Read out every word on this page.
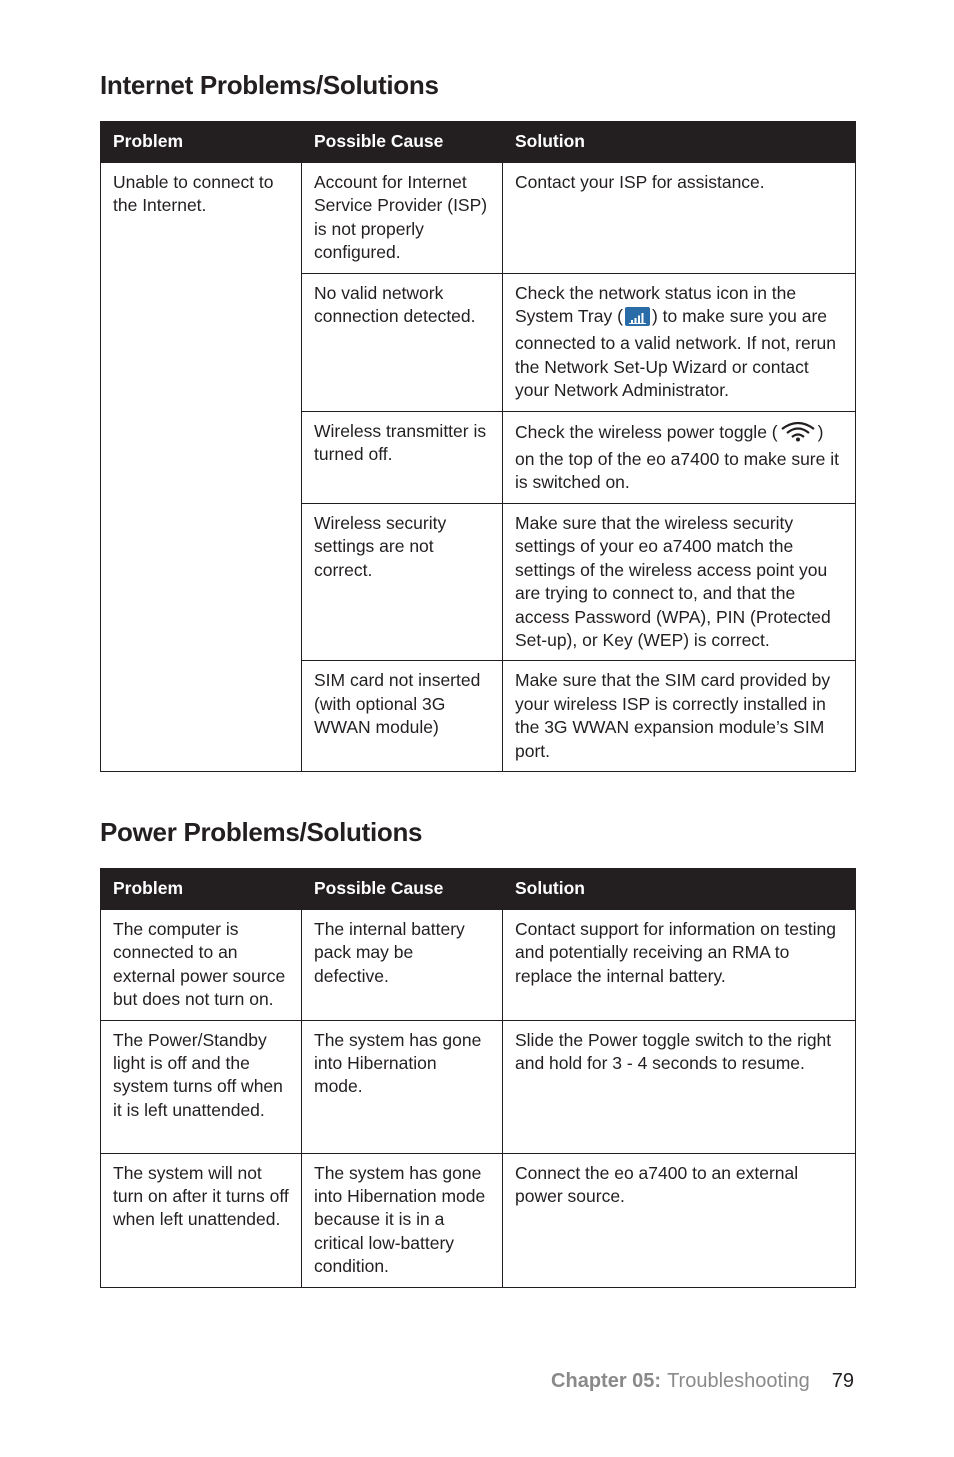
Internet Problems/Solutions
Problem	Possible Cause	Solution
Unable to connect to the Internet.	Account for Internet Service Provider (ISP) is not properly configured.	Contact your ISP for assistance.
	No valid network connection detected.	Check the network status icon in the System Tray ( ) to make sure you are connected to a valid network. If not, rerun the Network Set-Up Wizard or contact your Network Administrator.
	Wireless transmitter is turned off.	Check the wireless power toggle ( ) on the top of the eo a7400 to make sure it is switched on.
	Wireless security settings are not correct.	Make sure that the wireless security settings of your eo a7400 match the settings of the wireless access point you are trying to connect to, and that the access Password (WPA), PIN (Protected Set-up), or Key (WEP) is correct.
	SIM card not inserted (with optional 3G WWAN module)	Make sure that the SIM card provided by your wireless ISP is correctly installed in the 3G WWAN expansion module’s SIM port.
Power Problems/Solutions
Problem	Possible Cause	Solution
The computer is connected to an external power source but does not turn on.	The internal battery pack may be defective.	Contact support for information on testing and potentially receiving an RMA to replace the internal battery.
The Power/Standby light is off and the system turns off when it is left unattended.	The system has gone into Hibernation mode.	Slide the Power toggle switch to the right and hold for 3 - 4 seconds to resume.
The system will not turn on after it turns off when left unattended.	The system has gone into Hibernation mode because it is in a critical low-battery condition.	Connect the eo a7400 to an external power source.
Chapter 05: Troubleshooting 79
